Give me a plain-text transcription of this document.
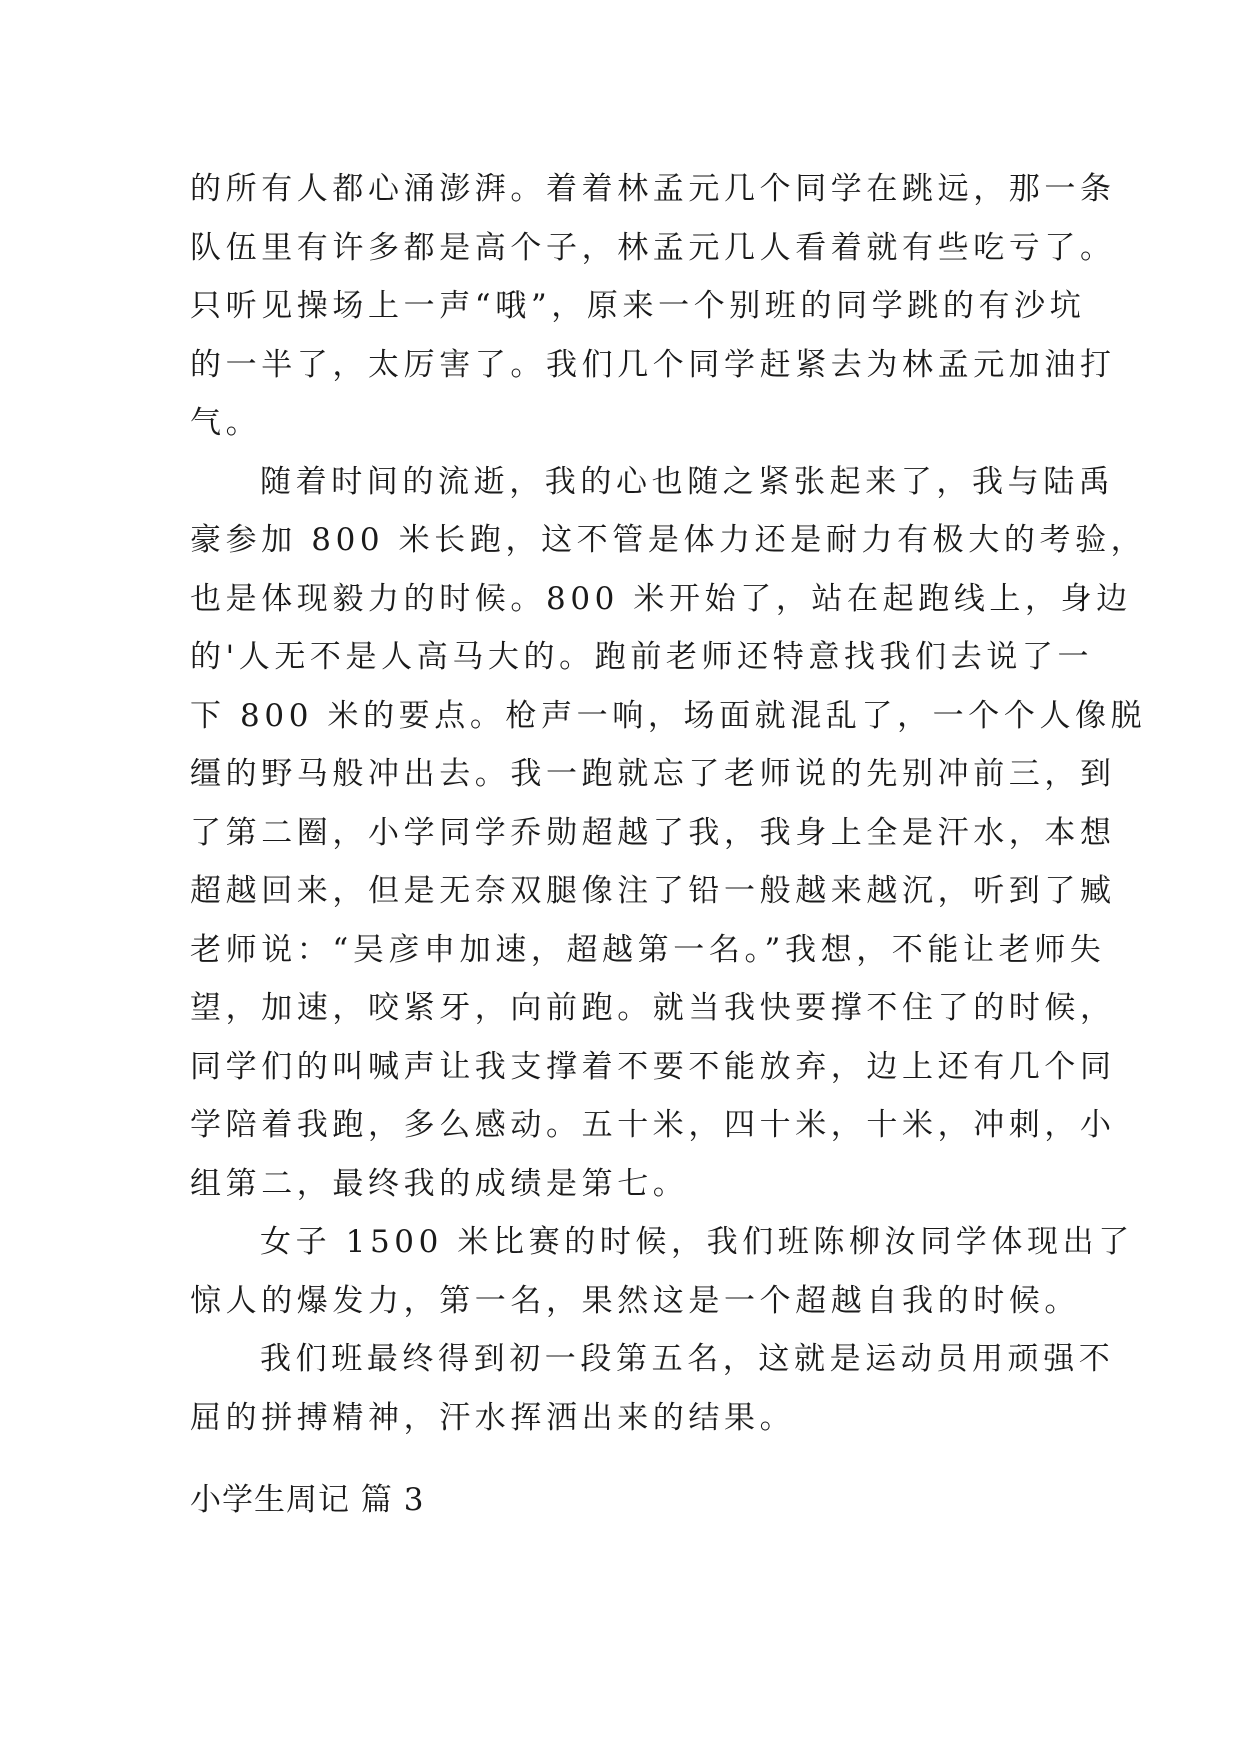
的所有人都心涌澎湃。着着林孟元几个同学在跳远，那一条
队伍里有许多都是高个子，林孟元几人看着就有些吃亏了。
只听见操场上一声“哦”，原来一个别班的同学跳的有沙坑
的一半了，太厉害了。我们几个同学赶紧去为林孟元加油打
气。
随着时间的流逝，我的心也随之紧张起来了，我与陆禹
豪参加 800 米长跑，这不管是体力还是耐力有极大的考验，
也是体现毅力的时候。800 米开始了，站在起跑线上，身边
的'人无不是人高马大的。跑前老师还特意找我们去说了一
下 800 米的要点。枪声一响，场面就混乱了，一个个人像脱
缰的野马般冲出去。我一跑就忘了老师说的先别冲前三，到
了第二圈，小学同学乔勋超越了我，我身上全是汗水，本想
超越回来，但是无奈双腿像注了铅一般越来越沉，听到了臧
老师说：“吴彦申加速，超越第一名。”我想，不能让老师失
望，加速，咬紧牙，向前跑。就当我快要撑不住了的时候，
同学们的叫喊声让我支撑着不要不能放弃，边上还有几个同
学陪着我跑，多么感动。五十米，四十米，十米，冲刺，小
组第二，最终我的成绩是第七。
女子 1500 米比赛的时候，我们班陈柳汝同学体现出了
惊人的爆发力，第一名，果然这是一个超越自我的时候。
我们班最终得到初一段第五名，这就是运动员用顽强不
屈的拼搏精神，汗水挥洒出来的结果。
小学生周记 篇 3
